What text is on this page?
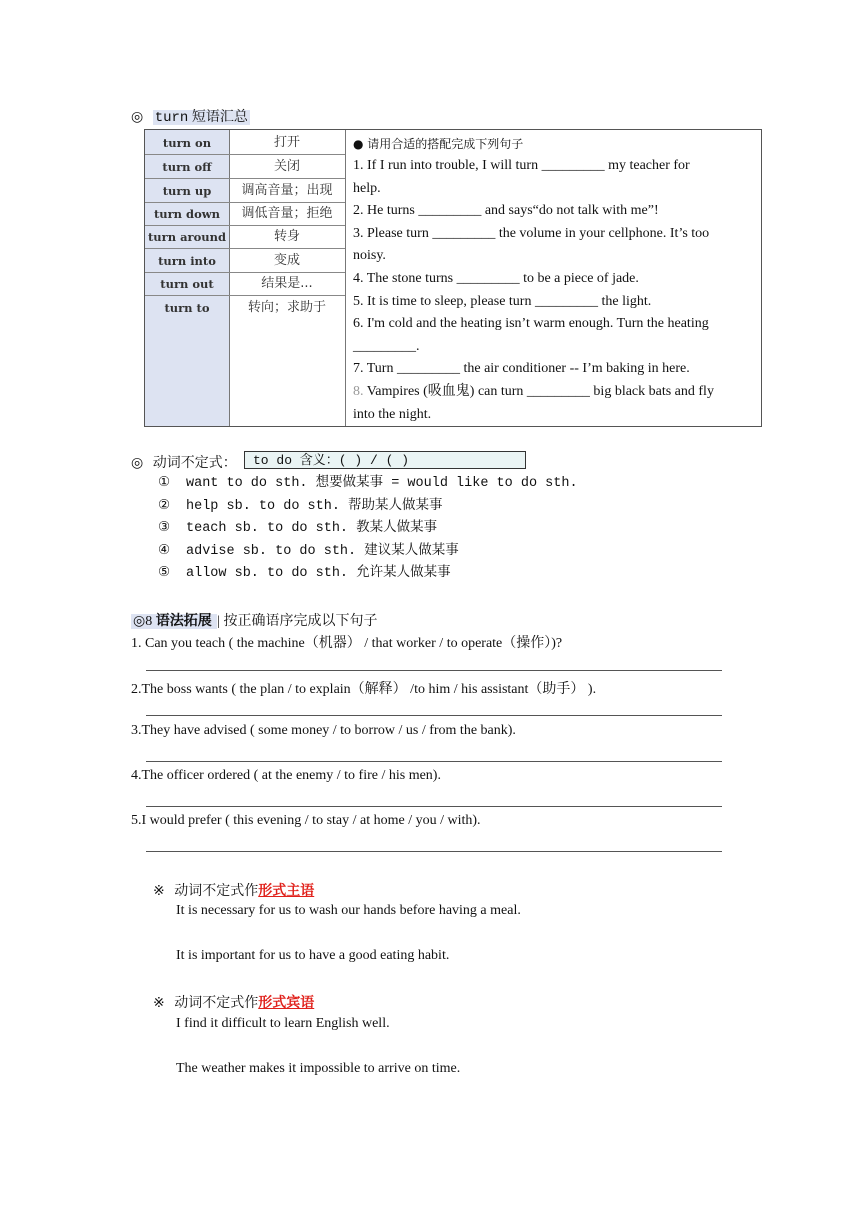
◎ turn 短语汇总
turn on
turn off
turn up
turn down
turn around
turn into
turn out
turn to
打开
关闭
调高音量；出现
调低音量；拒绝
转身
变成
结果是...
转向；求助于
● 请用合适的搭配完成下列句子
1. If I run into trouble, I will turn _________ my teacher for
help.
2. He turns _________ and says“do not talk with me”!
3. Please turn _________ the volume in your cellphone. It’s too
noisy.
4. The stone turns _________ to be a piece of jade.
5. It is time to sleep, please turn _________ the light.
6. I'm cold and the heating isn’t warm enough. Turn the heating
_________.
7. Turn _________ the air conditioner -- I’m baking in here.
8. Vampires (吸血鬼) can turn _________ big black bats and fly
into the night.
◎ 动词不定式：	to do 含义：( ) / ( )
① want to do sth. 想要做某事 = would like to do sth.
② help sb. to do sth. 帮助某人做某事
③ teach sb. to do sth. 教某人做某事
④ advise sb. to do sth. 建议某人做某事
⑤ allow sb. to do sth. 允许某人做某事
◎8 语法拓展 | 按正确语序完成以下句子
1. Can you teach ( the machine（机器） / that worker / to operate（操作）)?
2.The boss wants ( the plan / to explain（解释） /to him / his assistant（助手） ).
3.They have advised ( some money / to borrow / us / from the bank).
4.The officer ordered ( at the enemy / to fire / his men).
5.I would prefer ( this evening / to stay / at home / you / with).
※ 动词不定式作形式主语
It is necessary for us to wash our hands before having a meal.
It is important for us to have a good eating habit.
※ 动词不定式作形式宾语
I find it difficult to learn English well.
The weather makes it impossible to arrive on time.
